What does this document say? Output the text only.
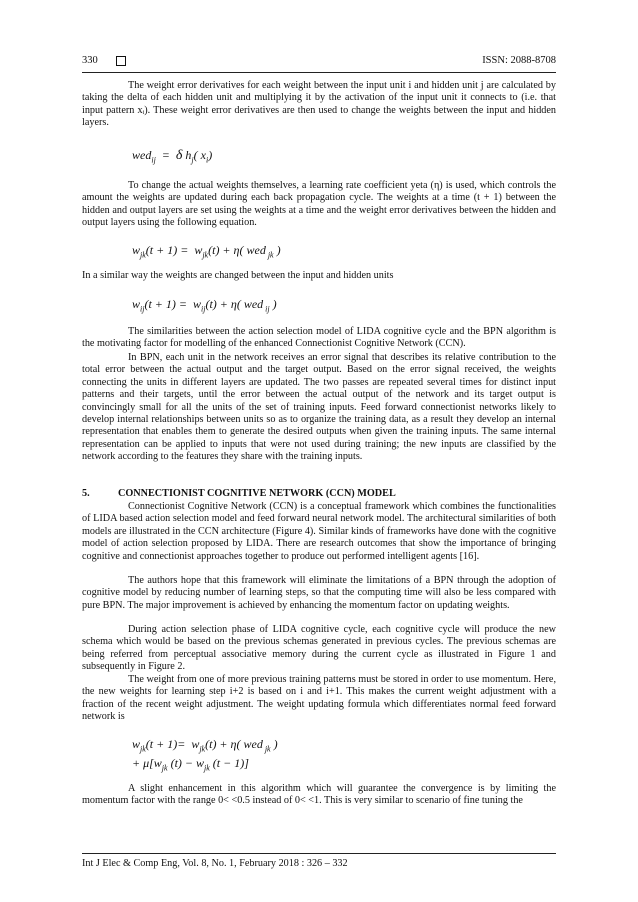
330	ISSN: 2088-8708
The weight error derivatives for each weight between the input unit i and hidden unit j are calculated by taking the delta of each hidden unit and multiplying it by the activation of the input unit it connects to (i.e. that input pattern xᵢ). These weight error derivatives are then used to change the weights between the input and hidden layers.
wed$_{ij}$  =  δ $h_j$( $x_i$)
To change the actual weights themselves, a learning rate coefficient yeta (η) is used, which controls the amount the weights are updated during each back propagation cycle. The weights at a time (t + 1) between the hidden and output layers are set using the weights at a time and the weight error derivatives between the hidden and output layers using the following equation.
$w_{jk}(t + 1) = w_{jk}(t) + \eta$( wed $_{jk}$ )
In a similar way the weights are changed between the input and hidden units
$w_{ij}(t + 1) = w_{ij}(t) + \eta$( wed $_{ij}$ )
The similarities between the action selection model of LIDA cognitive cycle and the BPN algorithm is the motivating factor for modelling of the enhanced Connectionist Cognitive Network (CCN).
In BPN, each unit in the network receives an error signal that describes its relative contribution to the total error between the actual output and the target output. Based on the error signal received, the weights connecting the units in different layers are updated. The two passes are repeated several times for distinct input patterns and their targets, until the error between the actual output of the network and its target output is convincingly small for all the units of the set of training inputs. Feed forward connectionist networks likely to develop internal relationships between units so as to organize the training data, as a result they develop an internal representation that enables them to generate the desired outputs when given the training inputs. The same internal representation can be applied to inputs that were not used during training; the new inputs are classified by the network according to the features they share with the training inputs.
5.	CONNECTIONIST COGNITIVE NETWORK (CCN) MODEL
Connectionist Cognitive Network (CCN) is a conceptual framework which combines the functionalities of LIDA based action selection model and feed forward neural network model. The architectural similarities of both models are illustrated in the CCN architecture (Figure 4). Similar kinds of frameworks have done with the cognitive model of action selection proposed by LIDA. There are research outcomes that show the importance of bringing cognitive and connectionist approaches together to produce out performed intelligent agents [16].
The authors hope that this framework will eliminate the limitations of a BPN through the adoption of cognitive model by reducing number of learning steps, so that the computing time will also be less compared with pure BPN. The major improvement is achieved by enhancing the momentum factor on updating weights.
During action selection phase of LIDA cognitive cycle, each cognitive cycle will produce the new schema which would be based on the previous schemas generated in previous cycles. The previous schemas are being referred from perceptual associative memory during the current cycle as illustrated in Figure 1 and subsequently in Figure 2.
The weight from one of more previous training patterns must be stored in order to use momentum. Here, the new weights for learning step i+2 is based on i and i+1. This makes the current weight adjustment with a fraction of the recent weight adjustment. The weight updating formula which differentiates normal feed forward network is
$w_{jk}(t + 1)= w_{jk}(t) + \eta$( wed $_{jk}$ )
+ $\mu[w_{jk}$ $(t) - w_{jk}$ (t − 1)]
A slight enhancement in this algorithm which will guarantee the convergence is by limiting the momentum factor with the range 0< <0.5 instead of 0< <1. This is very similar to scenario of fine tuning the
Int J Elec & Comp Eng, Vol. 8, No. 1, February 2018 : 326 – 332
